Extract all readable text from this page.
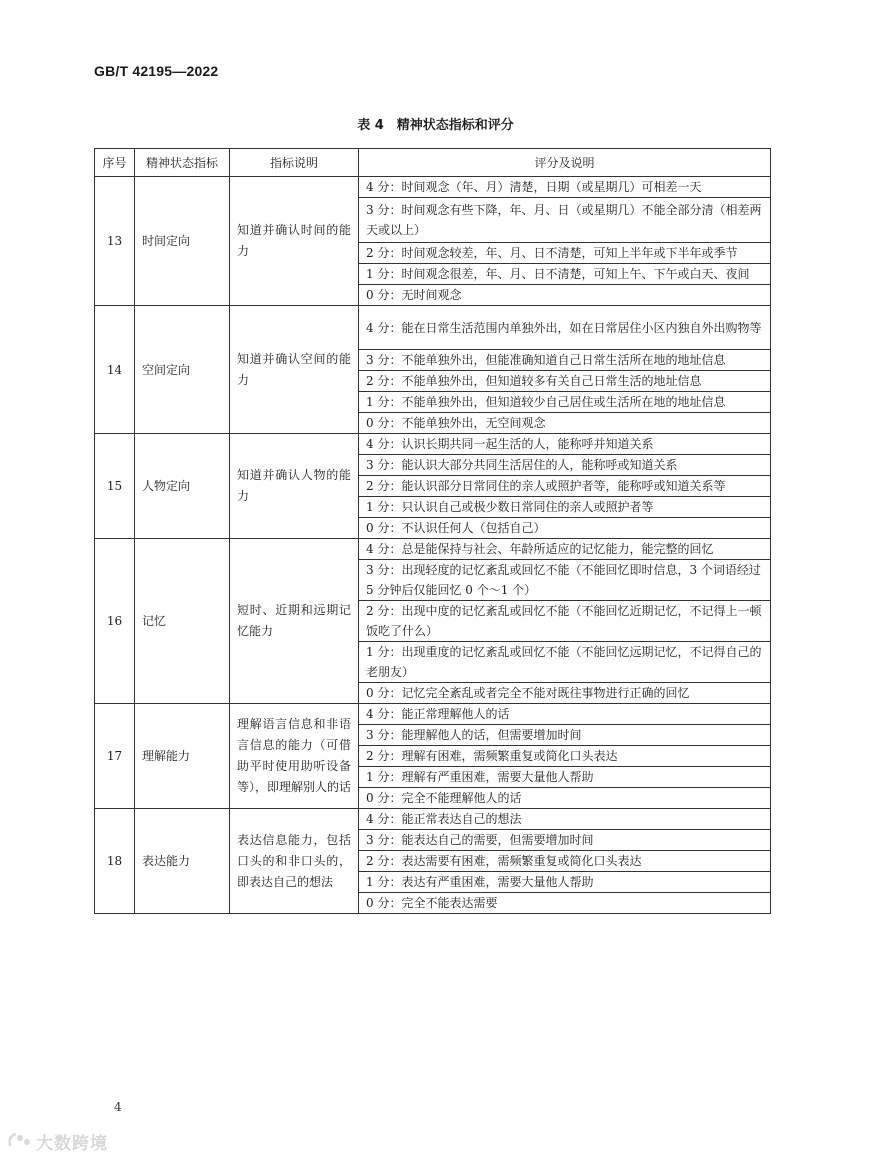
GB/T 42195—2022
表 4　精神状态指标和评分
序号	精神状态指标	指标说明	评分及说明
13	时间定向	知道并确认时间的能力	4 分：时间观念（年、月）清楚，日期（或星期几）可相差一天
			3 分：时间观念有些下降，年、月、日（或星期几）不能全部分清（相差两天或以上）
			2 分：时间观念较差，年、月、日不清楚，可知上半年或下半年或季节
			1 分：时间观念很差，年、月、日不清楚，可知上午、下午或白天、夜间
			0 分：无时间观念
14	空间定向	知道并确认空间的能力	4 分：能在日常生活范围内单独外出，如在日常居住小区内独自外出购物等
			3 分：不能单独外出，但能准确知道自己日常生活所在地的地址信息
			2 分：不能单独外出，但知道较多有关自己日常生活的地址信息
			1 分：不能单独外出，但知道较少自己居住或生活所在地的地址信息
			0 分：不能单独外出，无空间观念
15	人物定向	知道并确认人物的能力	4 分：认识长期共同一起生活的人，能称呼并知道关系
			3 分：能认识大部分共同生活居住的人，能称呼或知道关系
			2 分：能认识部分日常同住的亲人或照护者等，能称呼或知道关系等
			1 分：只认识自己或极少数日常同住的亲人或照护者等
			0 分：不认识任何人（包括自己）
16	记忆	短时、近期和远期记忆能力	4 分：总是能保持与社会、年龄所适应的记忆能力，能完整的回忆
			3 分：出现轻度的记忆紊乱或回忆不能（不能回忆即时信息，3 个词语经过 5 分钟后仅能回忆 0 个～1 个）
			2 分：出现中度的记忆紊乱或回忆不能（不能回忆近期记忆，不记得上一顿饭吃了什么）
			1 分：出现重度的记忆紊乱或回忆不能（不能回忆远期记忆，不记得自己的老朋友）
			0 分：记忆完全紊乱或者完全不能对既往事物进行正确的回忆
17	理解能力	理解语言信息和非语言信息的能力（可借助平时使用助听设备等），即理解别人的话	4 分：能正常理解他人的话
			3 分：能理解他人的话，但需要增加时间
			2 分：理解有困难，需频繁重复或简化口头表达
			1 分：理解有严重困难，需要大量他人帮助
			0 分：完全不能理解他人的话
18	表达能力	表达信息能力，包括口头的和非口头的，即表达自己的想法	4 分：能正常表达自己的想法
			3 分：能表达自己的需要，但需要增加时间
			2 分：表达需要有困难，需频繁重复或简化口头表达
			1 分：表达有严重困难，需要大量他人帮助
			0 分：完全不能表达需要
4
大数跨境
